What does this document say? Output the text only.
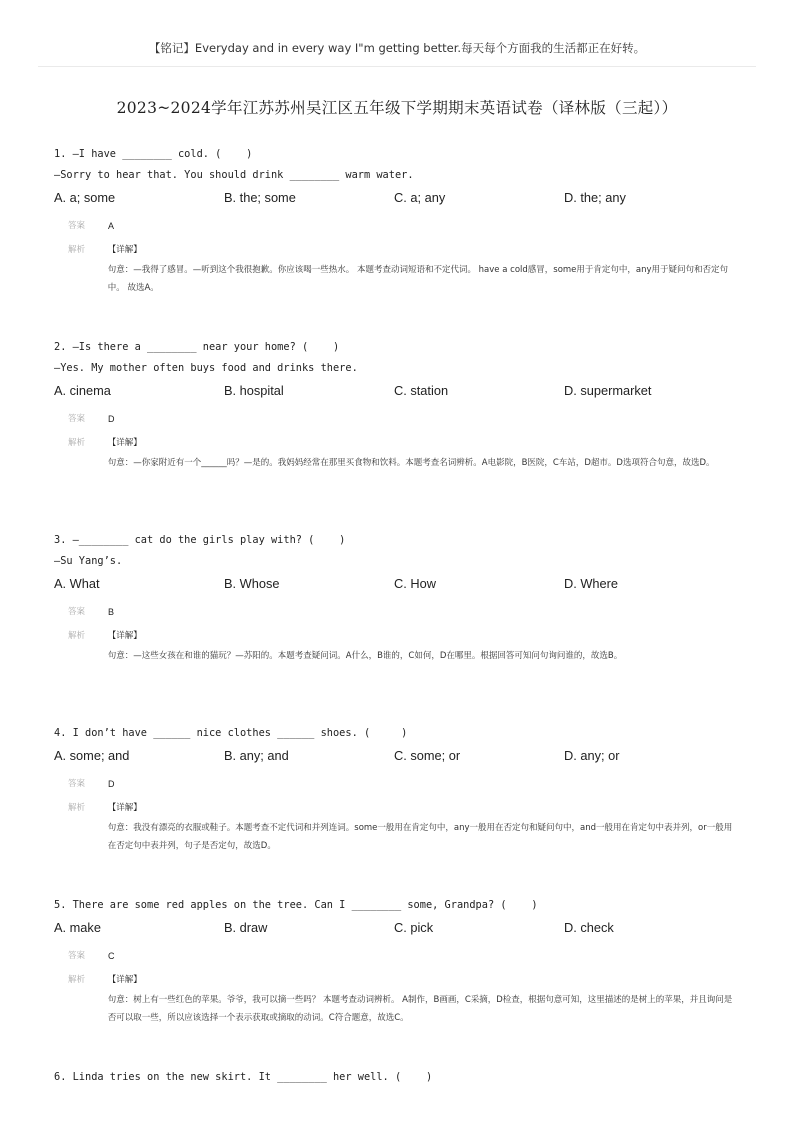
【铭记】Everyday and in every way I"m getting better.每天每个方面我的生活都正在好转。
2023~2024学年江苏苏州吴江区五年级下学期期末英语试卷（译林版（三起））
1. —I have ________ cold. (    )
—Sorry to hear that. You should drink ________ warm water.
A. a; some	B. the; some	C. a; any	D. the; any
答案	A
解析	【详解】
句意：—我得了感冒。—听到这个我很抱歉。你应该喝一些热水。 本题考查动词短语和不定代词。 have a cold感冒，some用于肯定句中，any用于疑问句和否定句中。 故选A。
2. —Is there a ________ near your home? (    )
—Yes. My mother often buys food and drinks there.
A. cinema	B. hospital	C. station	D. supermarket
答案	D
解析	【详解】
句意：—你家附近有一个______吗？—是的。我妈妈经常在那里买食物和饮料。本题考查名词辨析。A电影院，B医院，C车站，D超市。D选项符合句意，故选D。
3. —________ cat do the girls play with? (    )
—Su Yang’s.
A. What	B. Whose	C. How	D. Where
答案	B
解析	【详解】
句意：—这些女孩在和谁的猫玩？—苏阳的。本题考查疑问词。A什么，B谁的，C如何，D在哪里。根据回答可知问句询问谁的，故选B。
4. I don’t have ______ nice clothes ______ shoes. (     )
A. some; and	B. any; and	C. some; or	D. any; or
答案	D
解析	【详解】
句意：我没有漂亮的衣服或鞋子。本题考查不定代词和并列连词。some一般用在肯定句中，any一般用在否定句和疑问句中，and一般用在肯定句中表并列，or一般用在否定句中表并列，句子是否定句，故选D。
5. There are some red apples on the tree. Can I ________ some, Grandpa? (    )
A. make	B. draw	C. pick	D. check
答案	C
解析	【详解】
句意：树上有一些红色的苹果。爷爷，我可以摘一些吗？ 本题考查动词辨析。 A制作，B画画，C采摘，D检查，根据句意可知，这里描述的是树上的苹果，并且询问是否可以取一些，所以应该选择一个表示获取或摘取的动词。C符合题意，故选C。
6. Linda tries on the new skirt. It ________ her well. (    )
